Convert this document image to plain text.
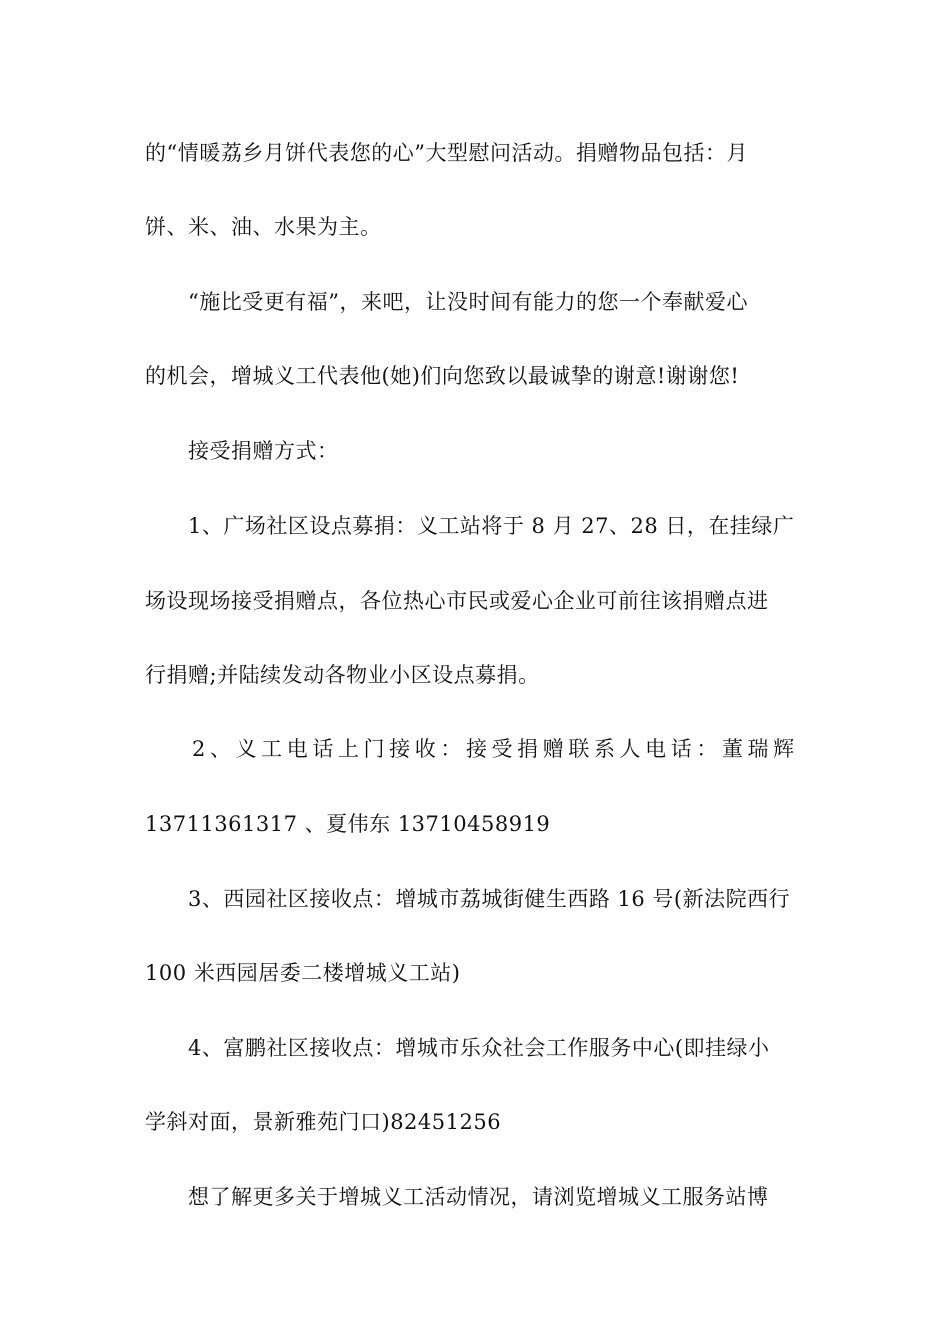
的“情暖荔乡月饼代表您的心”大型慰问活动。捐赠物品包括：月
饼、米、油、水果为主。
“施比受更有福”，来吧，让没时间有能力的您一个奉献爱心
的机会，增城义工代表他(她)们向您致以最诚挚的谢意!谢谢您!
接受捐赠方式：
1、广场社区设点募捐：义工站将于 8 月 27、28 日，在挂绿广
场设现场接受捐赠点，各位热心市民或爱心企业可前往该捐赠点进
行捐赠;并陆续发动各物业小区设点募捐。
2、义工电话上门接收：接受捐赠联系人电话：董瑞辉
13711361317 、夏伟东 13710458919
3、西园社区接收点：增城市荔城街健生西路 16 号(新法院西行
100 米西园居委二楼增城义工站)
4、富鹏社区接收点：增城市乐众社会工作服务中心(即挂绿小
学斜对面，景新雅苑门口)82451256
想了解更多关于增城义工活动情况，请浏览增城义工服务站博
